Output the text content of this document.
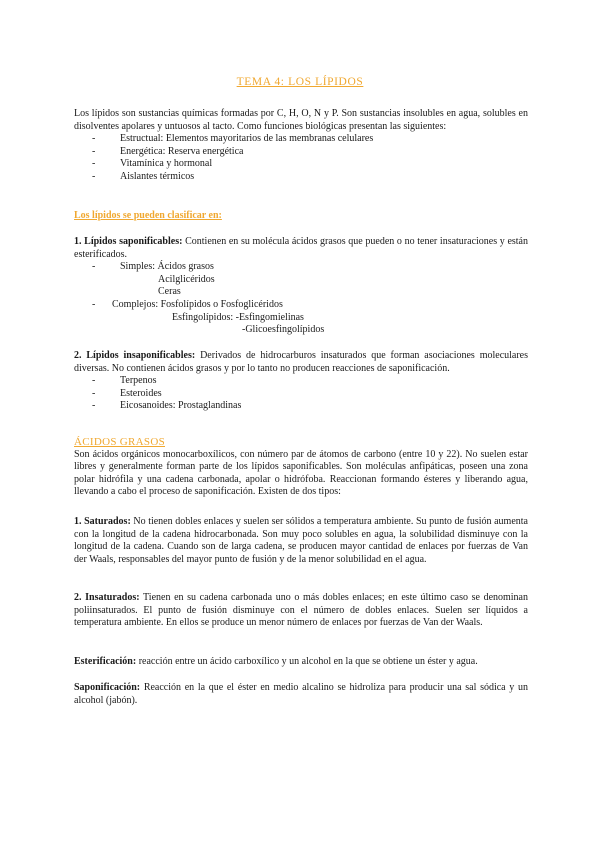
TEMA 4: LOS LÍPIDOS
Los lípidos son sustancias químicas formadas por C, H, O, N y P. Son sustancias insolubles en agua, solubles en disolventes apolares y untuosos al tacto. Como funciones biológicas presentan las siguientes:
- Estructual: Elementos mayoritarios de las membranas celulares
- Energética: Reserva energética
- Vitamínica y hormonal
- Aislantes térmicos
Los lípidos se pueden clasificar en:
1. Lípidos saponificables: Contienen en su molécula ácidos grasos que pueden o no tener insaturaciones y están esterificados.
- Simples: Ácidos grasos
Acilglicéridos
Ceras
- Complejos: Fosfolípidos o Fosfoglicéridos
Esfingolípidos: -Esfingomielinas
-Glicoesfingolípidos
2. Lípidos insaponificables: Derivados de hidrocarburos insaturados que forman asociaciones moleculares diversas. No contienen ácidos grasos y por lo tanto no producen reacciones de saponificación.
- Terpenos
- Esteroides
- Eicosanoides: Prostaglandinas
ÁCIDOS GRASOS
Son ácidos orgánicos monocarboxílicos, con número par de átomos de carbono (entre 10 y 22). No suelen estar libres y generalmente forman parte de los lípidos saponificables. Son moléculas anfipáticas, poseen una zona polar hidrófila y una cadena carbonada, apolar o hidrófoba. Reaccionan formando ésteres y liberando agua, llevando a cabo el proceso de saponificación. Existen de dos tipos:
1. Saturados: No tienen dobles enlaces y suelen ser sólidos a temperatura ambiente. Su punto de fusión aumenta con la longitud de la cadena hidrocarbonada. Son muy poco solubles en agua, la solubilidad disminuye con la longitud de la cadena. Cuando son de larga cadena, se producen mayor cantidad de enlaces por fuerzas de Van der Waals, responsables del mayor punto de fusión y de la menor solubilidad en el agua.
2. Insaturados: Tienen en su cadena carbonada uno o más dobles enlaces; en este último caso se denominan poliinsaturados. El punto de fusión disminuye con el número de dobles enlaces. Suelen ser líquidos a temperatura ambiente. En ellos se produce un menor número de enlaces por fuerzas de Van der Waals.
Esterificación: reacción entre un ácido carboxílico y un alcohol en la que se obtiene un éster y agua.
Saponificación: Reacción en la que el éster en medio alcalino se hidroliza para producir una sal sódica y un alcohol (jabón).
